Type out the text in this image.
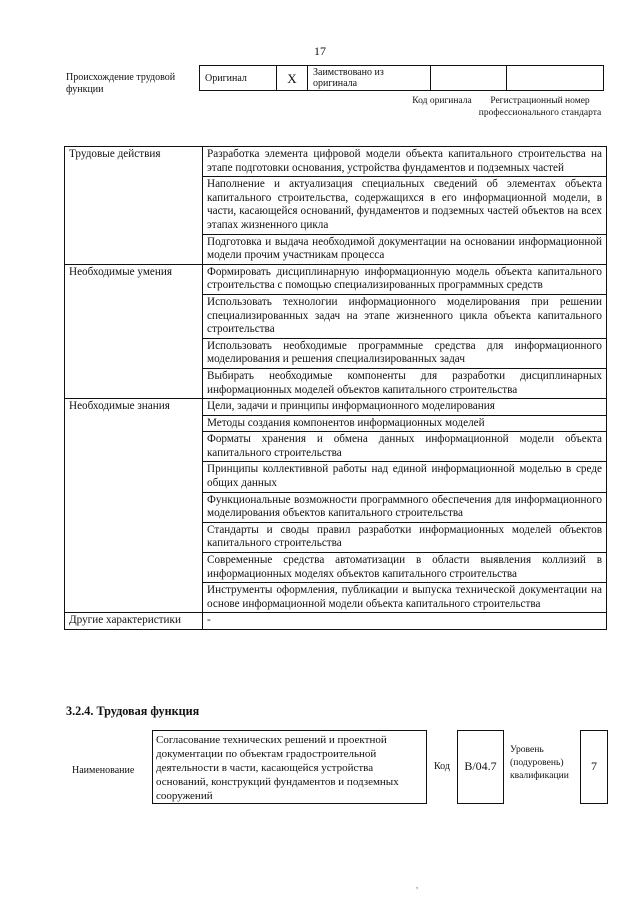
17
Происхождение трудовой функции
Оригинал	X	Заимствовано из оригинала		
Код оригинала	Регистрационный номер профессионального стандарта
Трудовые действия	Разработка элемента цифровой модели объекта капитального строительства на этапе подготовки основания, устройства фундаментов и подземных частей
	Наполнение и актуализация специальных сведений об элементах объекта капитального строительства, содержащихся в его информационной модели, в части, касающейся оснований, фундаментов и подземных частей объектов на всех этапах жизненного цикла
	Подготовка и выдача необходимой документации на основании информационной модели прочим участникам процесса
Необходимые умения	Формировать дисциплинарную информационную модель объекта капитального строительства с помощью специализированных программных средств
	Использовать технологии информационного моделирования при решении специализированных задач на этапе жизненного цикла объекта капитального строительства
	Использовать необходимые программные средства для информационного моделирования и решения специализированных задач
	Выбирать необходимые компоненты для разработки дисциплинарных информационных моделей объектов капитального строительства
Необходимые знания	Цели, задачи и принципы информационного моделирования
	Методы создания компонентов информационных моделей
	Форматы хранения и обмена данных информационной модели объекта капитального строительства
	Принципы коллективной работы над единой информационной моделью в среде общих данных
	Функциональные возможности программного обеспечения для информационного моделирования объектов капитального строительства
	Стандарты и своды правил разработки информационных моделей объектов капитального строительства
	Современные средства автоматизации в области выявления коллизий в информационных моделях объектов капитального строительства
	Инструменты оформления, публикации и выпуска технической документации на основе информационной модели объекта капитального строительства
Другие характеристики	-
3.2.4. Трудовая функция
Наименование
Согласование технических решений и проектной документации по объектам градостроительной деятельности в части, касающейся устройства оснований, конструкций фундаментов и подземных сооружений
Код	В/04.7
Уровень (подуровень) квалификации
7
,
